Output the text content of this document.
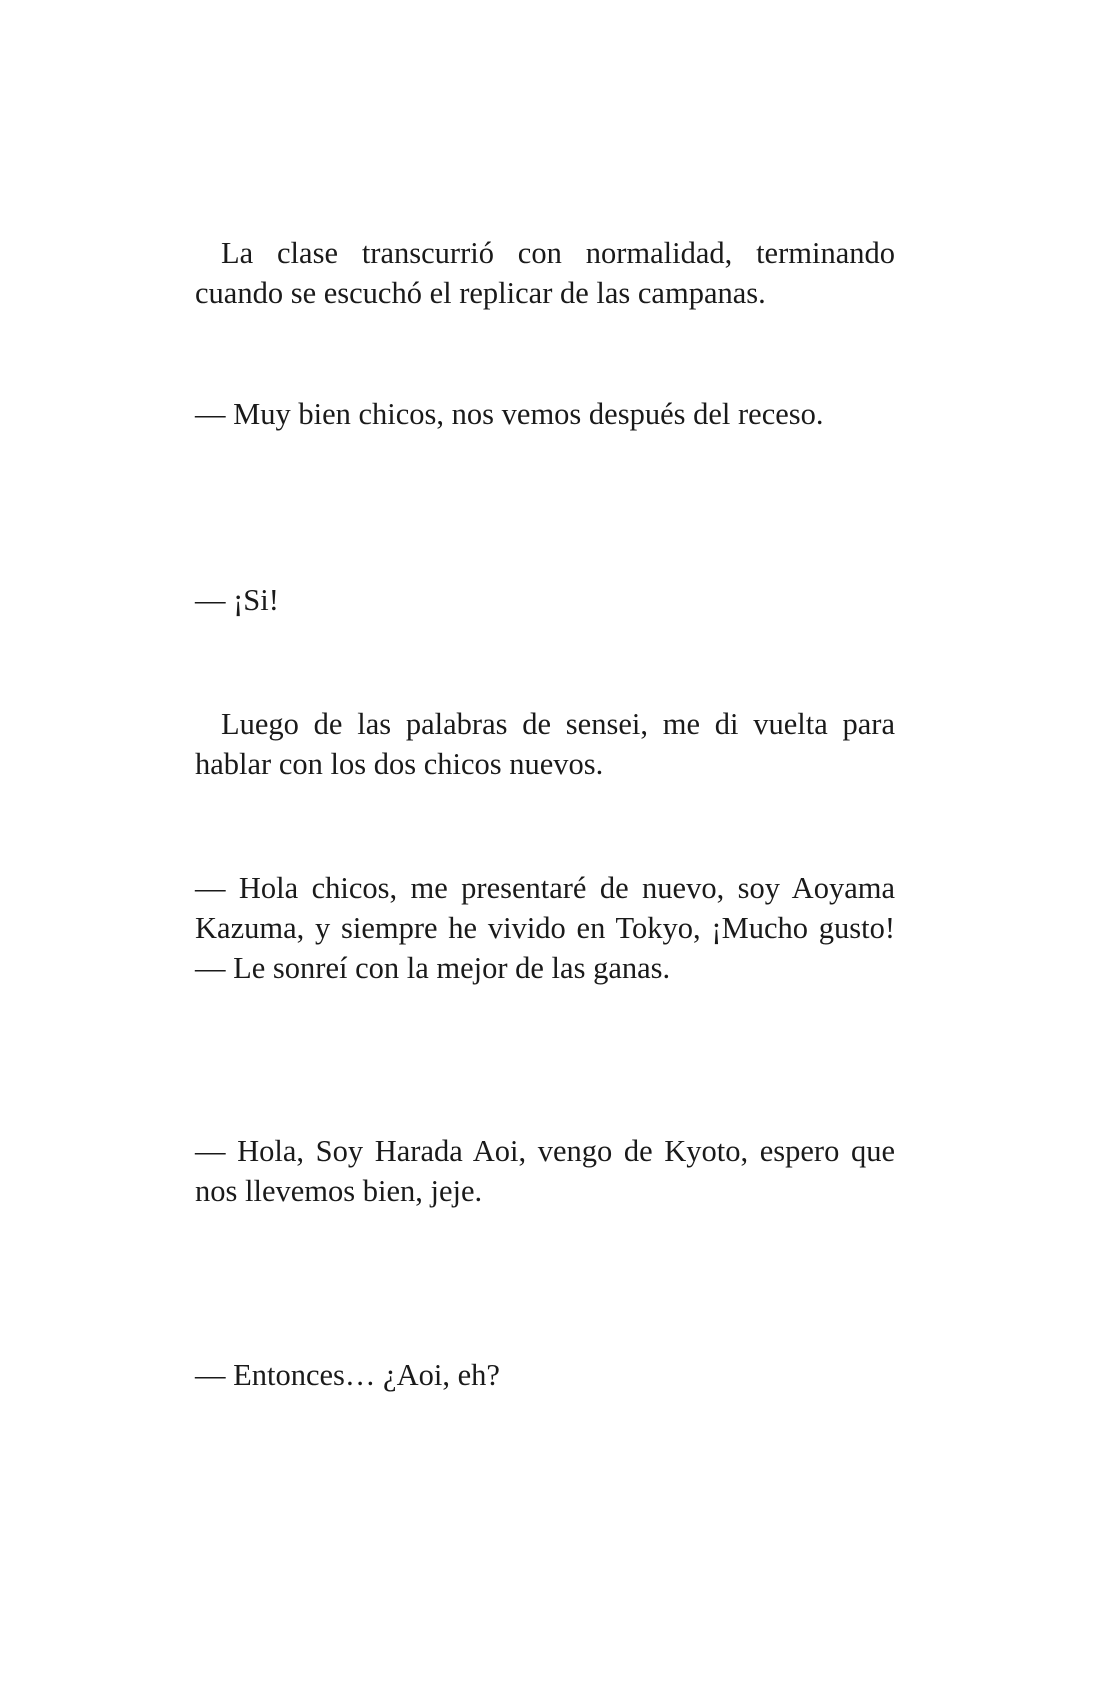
La clase transcurrió con normalidad, terminando cuando se escuchó el replicar de las campanas.

— Muy bien chicos, nos vemos después del receso.

— ¡Si!

Luego de las palabras de sensei, me di vuelta para hablar con los dos chicos nuevos.

— Hola chicos, me presentaré de nuevo, soy Aoyama Kazuma, y siempre he vivido en Tokyo, ¡Mucho gusto! — Le sonreí con la mejor de las ganas.

— Hola, Soy Harada Aoi, vengo de Kyoto, espero que nos llevemos bien, jeje.

— Entonces… ¿Aoi, eh?
